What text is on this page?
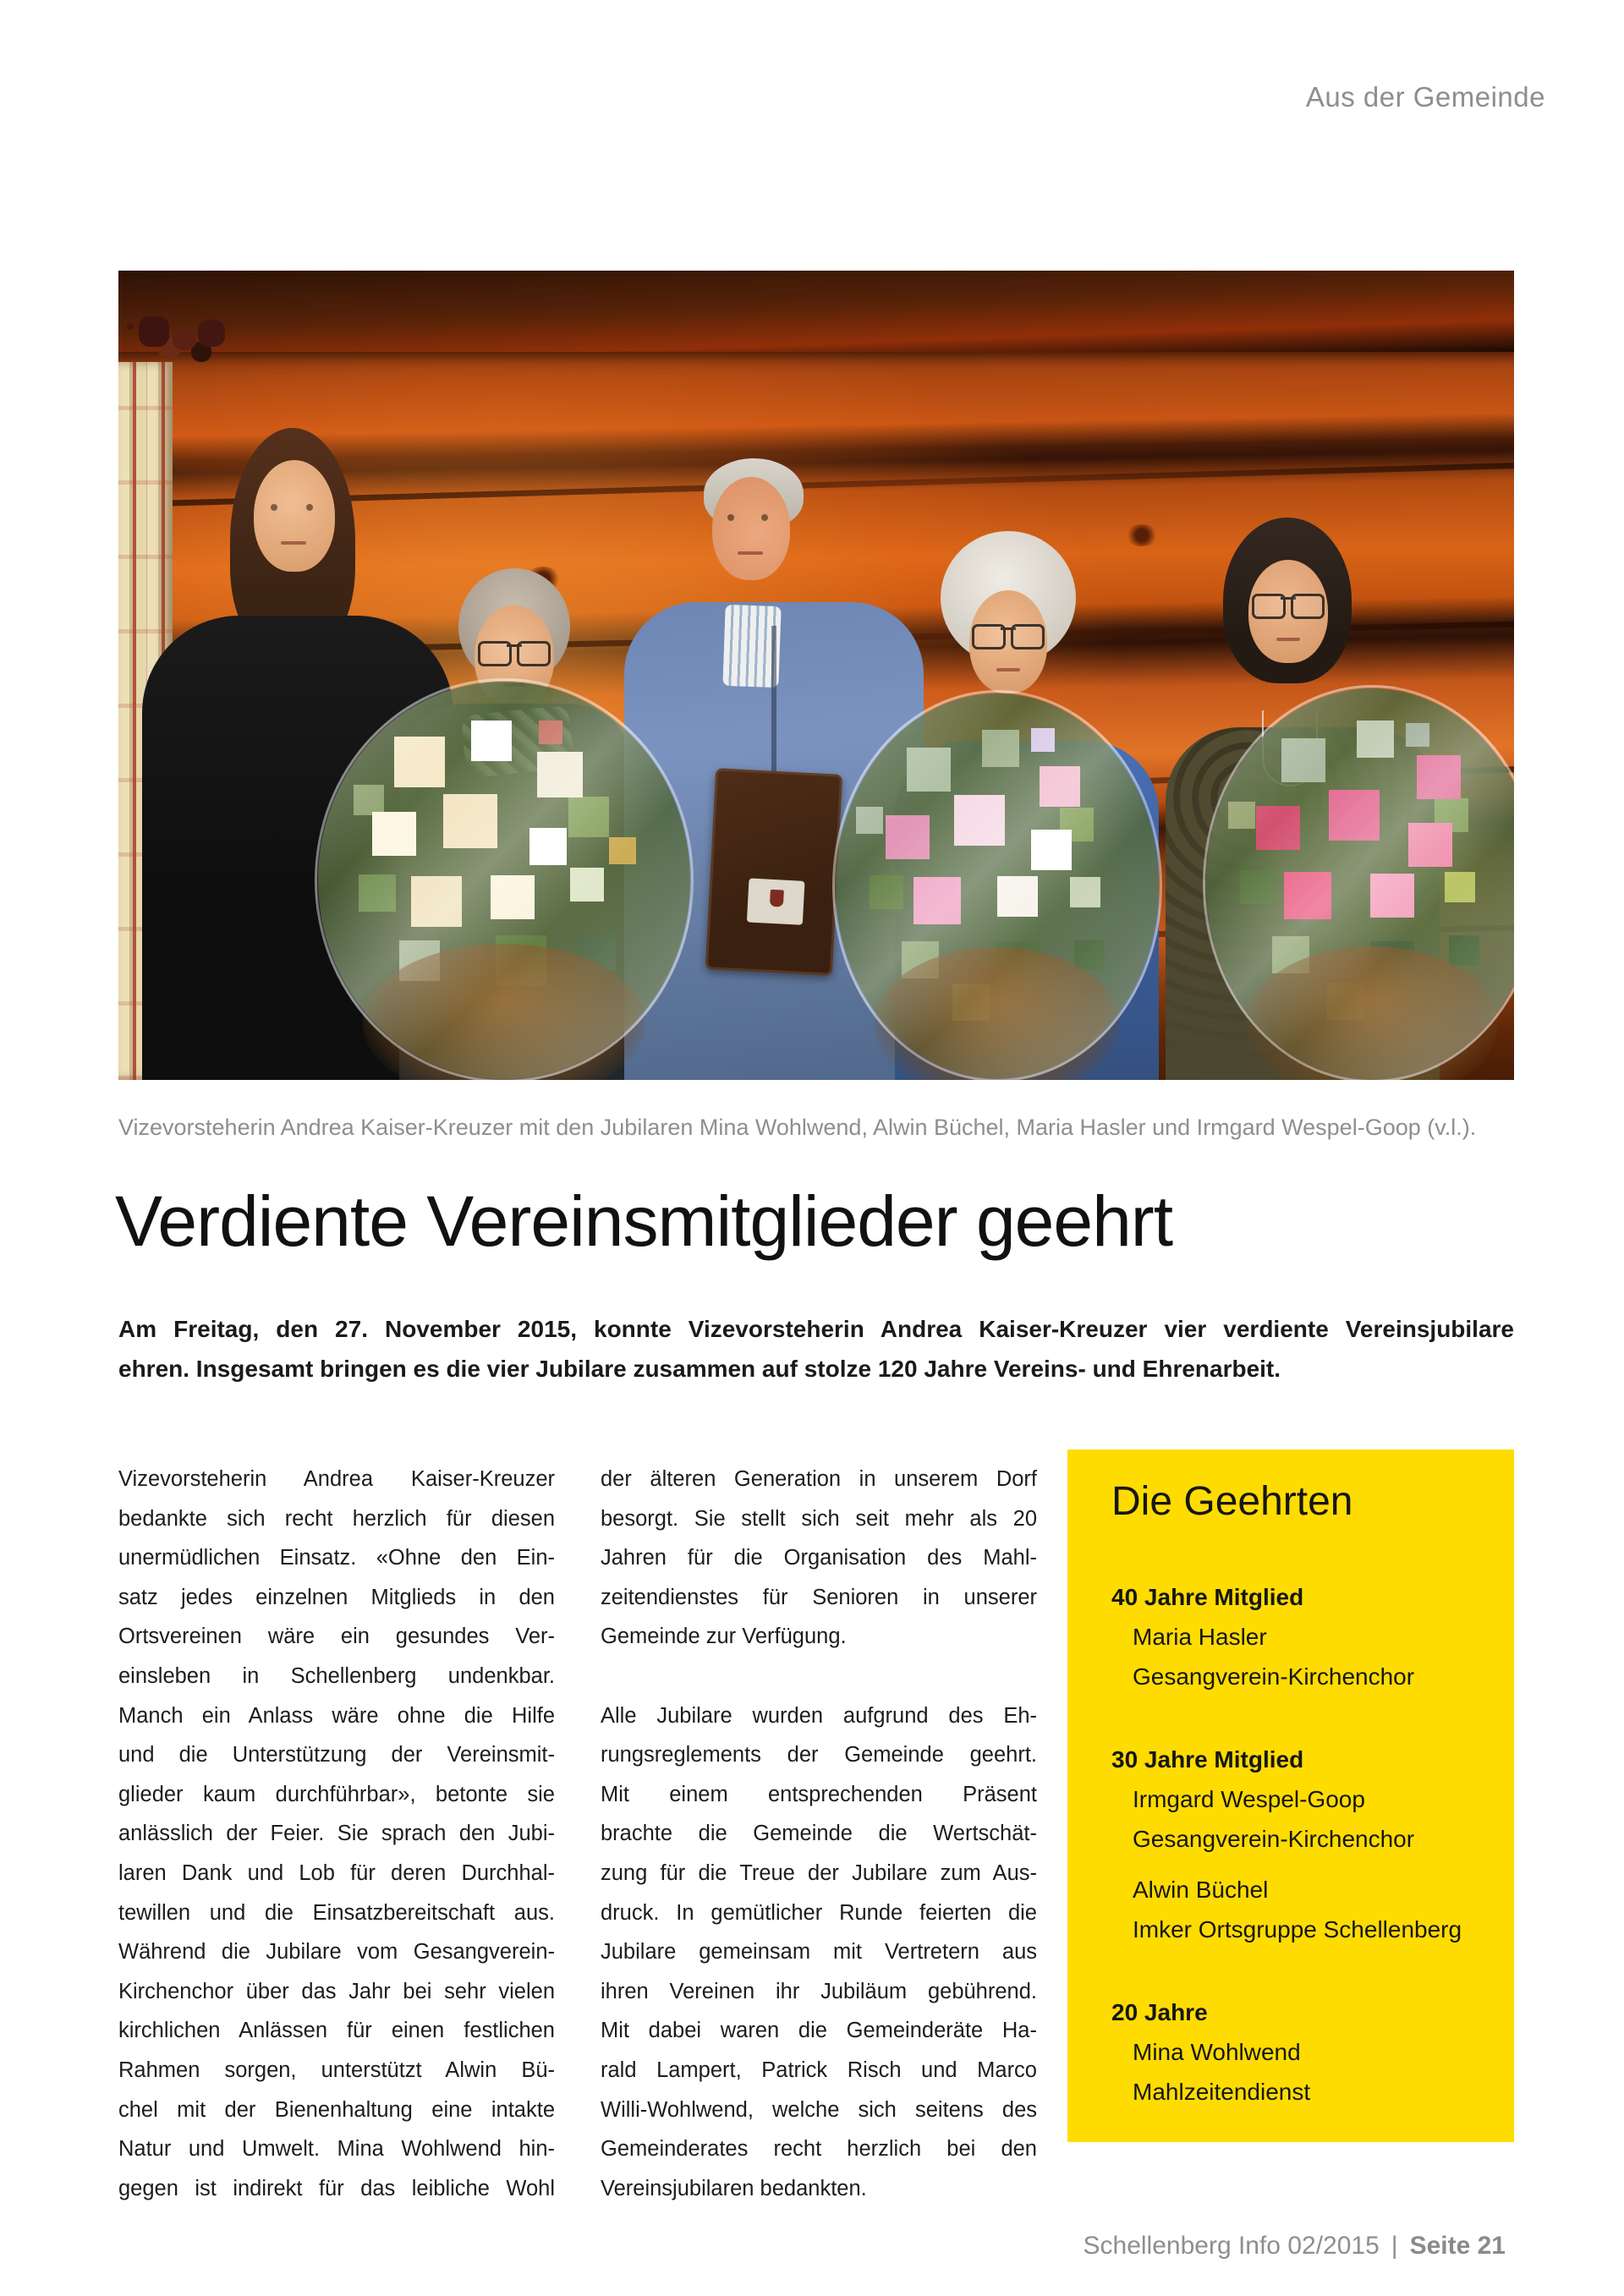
Aus der Gemeinde
Vizevorsteherin Andrea Kaiser-Kreuzer mit den Jubilaren Mina Wohlwend, Alwin Büchel, Maria Hasler und Irmgard Wespel-Goop (v.l.).
Verdiente Vereinsmitglieder geehrt
Am Freitag, den 27. November 2015, konnte Vizevorsteherin Andrea Kaiser-Kreuzer vier verdiente Vereinsjubilare
ehren. Insgesamt bringen es die vier Jubilare zusammen auf stolze 120 Jahre Vereins- und Ehrenarbeit.
Vizevorsteherin Andrea Kaiser-Kreuzer
bedankte sich recht herzlich für diesen
unermüdlichen Einsatz. «Ohne den Ein-
satz jedes einzelnen Mitglieds in den
Ortsvereinen wäre ein gesundes Ver-
einsleben in Schellenberg undenkbar.
Manch ein Anlass wäre ohne die Hilfe
und die Unterstützung der Vereinsmit-
glieder kaum durchführbar», betonte sie
anlässlich der Feier. Sie sprach den Jubi-
laren Dank und Lob für deren Durchhal-
tewillen und die Einsatzbereitschaft aus.
Während die Jubilare vom Gesangverein-
Kirchenchor über das Jahr bei sehr vielen
kirchlichen Anlässen für einen festlichen
Rahmen sorgen, unterstützt Alwin Bü-
chel mit der Bienenhaltung eine intakte
Natur und Umwelt. Mina Wohlwend hin-
gegen ist indirekt für das leibliche Wohl
der älteren Generation in unserem Dorf
besorgt. Sie stellt sich seit mehr als 20
Jahren für die Organisation des Mahl-
zeitendienstes für Senioren in unserer
Gemeinde zur Verfügung.
Alle Jubilare wurden aufgrund des Eh-
rungsreglements der Gemeinde geehrt.
Mit einem entsprechenden Präsent
brachte die Gemeinde die Wertschät-
zung für die Treue der Jubilare zum Aus-
druck. In gemütlicher Runde feierten die
Jubilare gemeinsam mit Vertretern aus
ihren Vereinen ihr Jubiläum gebührend.
Mit dabei waren die Gemeinderäte Ha-
rald Lampert, Patrick Risch und Marco
Willi-Wohlwend, welche sich seitens des
Gemeinderates recht herzlich bei den
Vereinsjubilaren bedankten.
Die Geehrten
40 Jahre Mitglied
Maria Hasler
Gesangverein-Kirchenchor
30 Jahre Mitglied
Irmgard Wespel-Goop
Gesangverein-Kirchenchor
Alwin Büchel
Imker Ortsgruppe Schellenberg
20 Jahre
Mina Wohlwend
Mahlzeitendienst
Schellenberg Info 02/2015 | Seite 21
